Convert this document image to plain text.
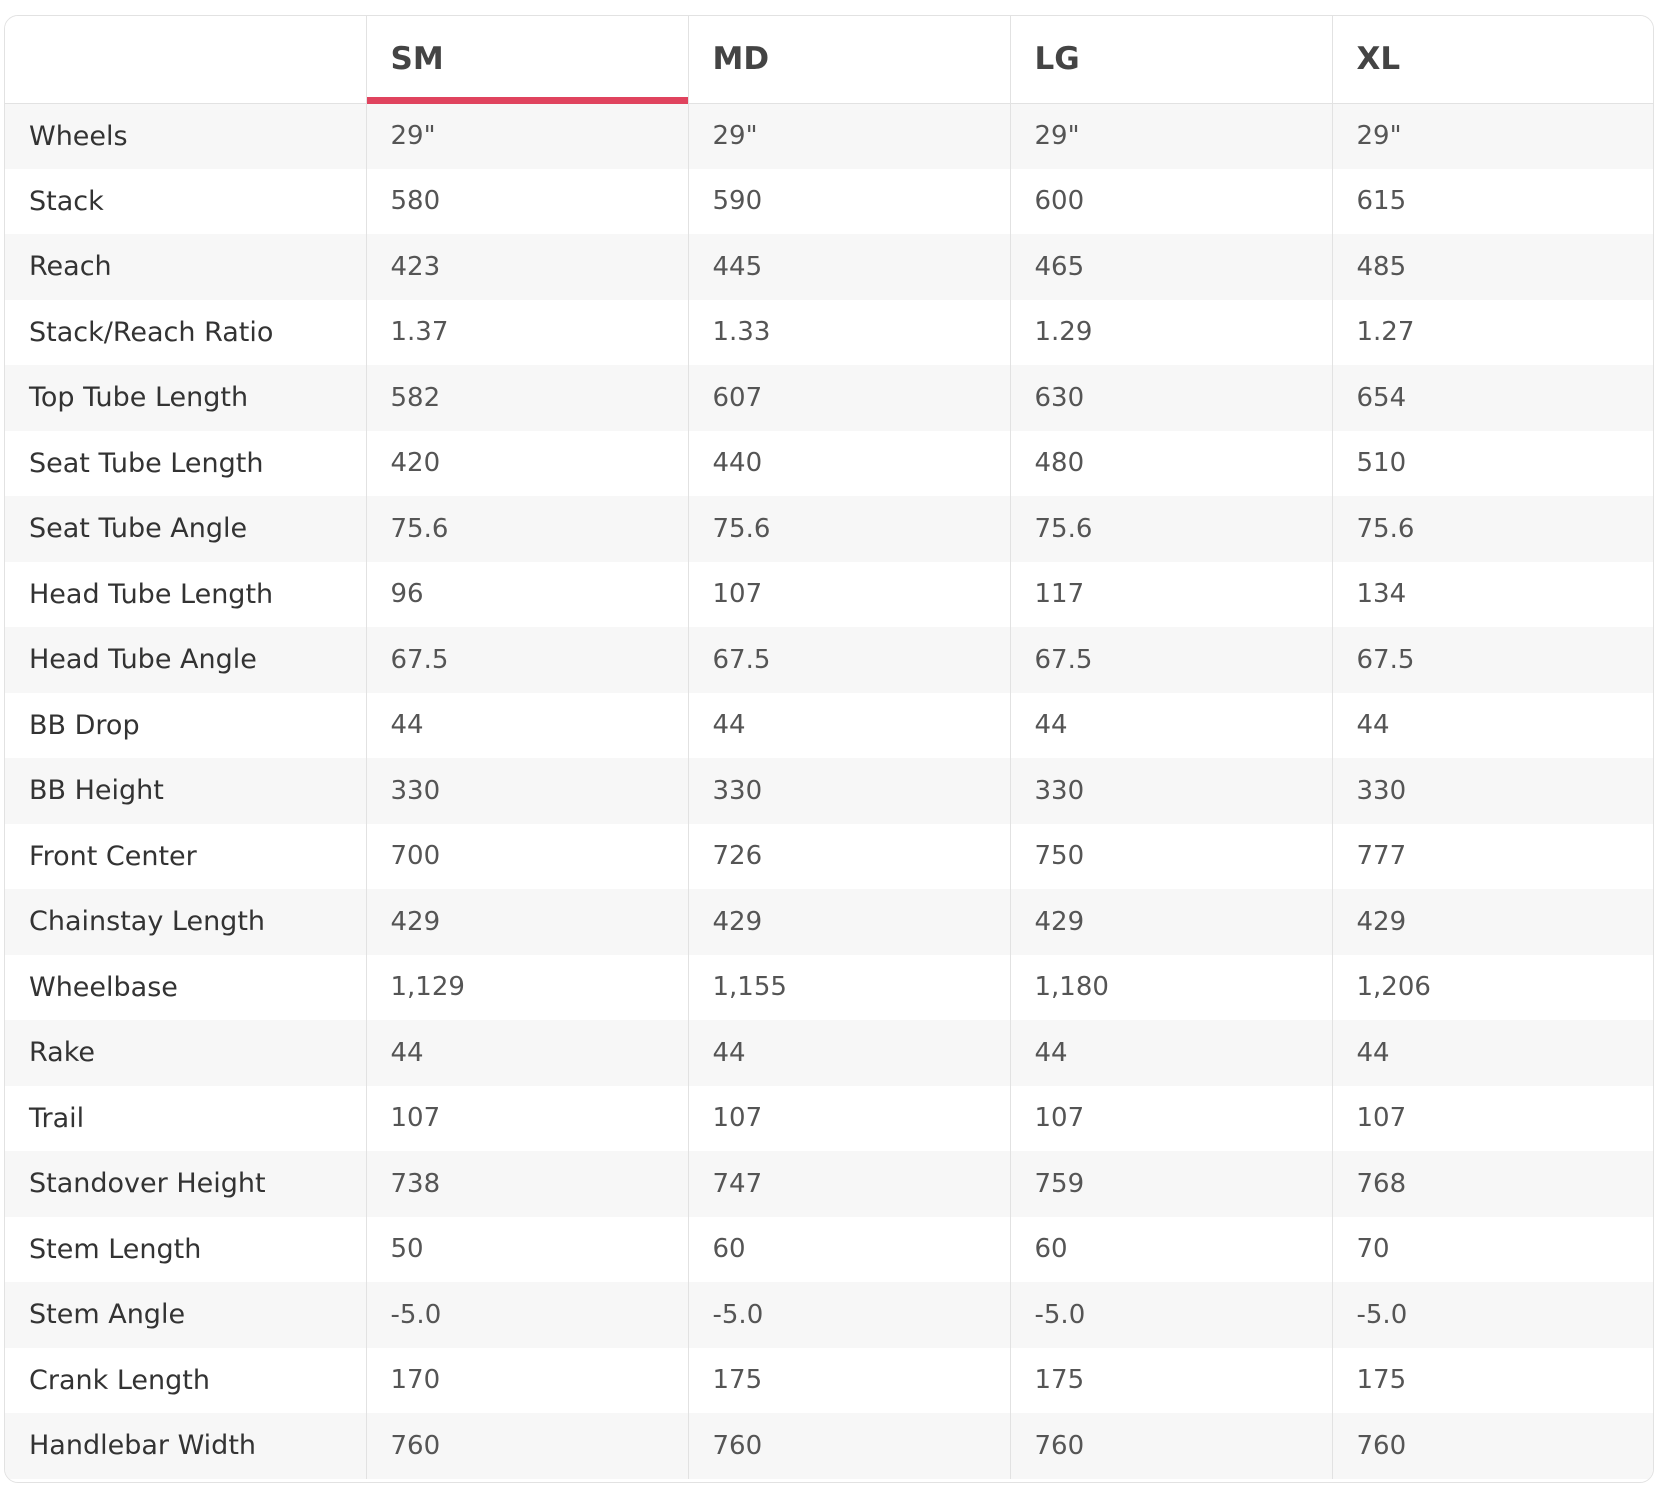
	SM	MD	LG	XL
Wheels	29"	29"	29"	29"
Stack	580	590	600	615
Reach	423	445	465	485
Stack/Reach Ratio	1.37	1.33	1.29	1.27
Top Tube Length	582	607	630	654
Seat Tube Length	420	440	480	510
Seat Tube Angle	75.6	75.6	75.6	75.6
Head Tube Length	96	107	117	134
Head Tube Angle	67.5	67.5	67.5	67.5
BB Drop	44	44	44	44
BB Height	330	330	330	330
Front Center	700	726	750	777
Chainstay Length	429	429	429	429
Wheelbase	1,129	1,155	1,180	1,206
Rake	44	44	44	44
Trail	107	107	107	107
Standover Height	738	747	759	768
Stem Length	50	60	60	70
Stem Angle	-5.0	-5.0	-5.0	-5.0
Crank Length	170	175	175	175
Handlebar Width	760	760	760	760
